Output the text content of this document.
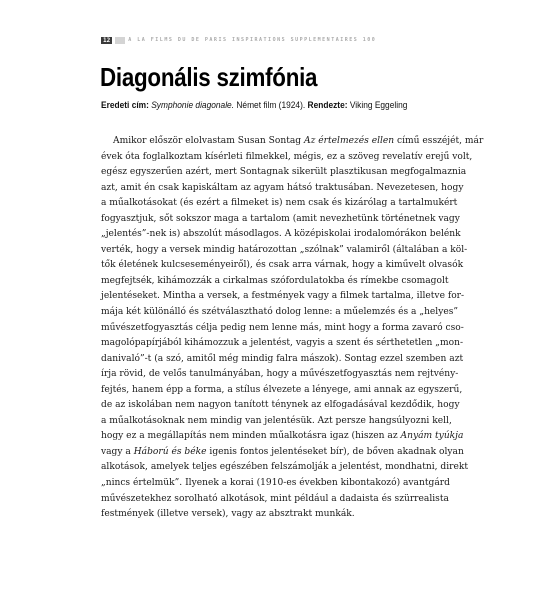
12	A LA FILMS DU DE PARIS INSPIRATIONS SUPPLEMENTAIRES 100
Diagonális szimfónia
Eredeti cím: Symphonie diagonale. Német film (1924). Rendezte: Viking Eggeling
Amikor először elolvastam Susan Sontag Az értelmezés ellen című esszéjét, már
évek óta foglalkoztam kísérleti filmekkel, mégis, ez a szöveg revelatív erejű volt,
egész egyszerűen azért, mert Sontagnak sikerült plasztikusan megfogalmaznia
azt, amit én csak kapiskáltam az agyam hátsó traktusában. Nevezetesen, hogy
a műalkotásokat (és ezért a filmeket is) nem csak és kizárólag a tartalmukért
fogyasztjuk, sőt sokszor maga a tartalom (amit nevezhetünk történetnek vagy
„jelentés”-nek is) abszolút másodlagos. A középiskolai irodalomórákon belénk
verték, hogy a versek mindig határozottan „szólnak” valamiről (általában a köl-
tők életének kulcseseményeiről), és csak arra várnak, hogy a kiművelt olvasók
megfejtsék, kihámozzák a cirkalmas szófordulatokba és rímekbe csomagolt
jelentéseket. Mintha a versek, a festmények vagy a filmek tartalma, illetve for-
mája két különálló és szétválasztható dolog lenne: a műelemzés és a „helyes”
művészetfogyasztás célja pedig nem lenne más, mint hogy a forma zavaró cso-
magolópapírjából kihámozzuk a jelentést, vagyis a szent és sérthetetlen „mon-
danivaló”-t (a szó, amitől még mindig falra mászok). Sontag ezzel szemben azt
írja rövid, de velős tanulmányában, hogy a művészetfogyasztás nem rejtvény-
fejtés, hanem épp a forma, a stílus élvezete a lényege, ami annak az egyszerű,
de az iskolában nem nagyon tanított ténynek az elfogadásával kezdődik, hogy
a műalkotásoknak nem mindig van jelentésük. Azt persze hangsúlyozni kell,
hogy ez a megállapítás nem minden műalkotásra igaz (hiszen az Anyám tyúkja
vagy a Háború és béke igenis fontos jelentéseket bír), de bőven akadnak olyan
alkotások, amelyek teljes egészében felszámolják a jelentést, mondhatni, direkt
„nincs értelmük”. Ilyenek a korai (1910-es években kibontakozó) avantgárd
művészetekhez sorolható alkotások, mint például a dadaista és szürrealista
festmények (illetve versek), vagy az absztrakt munkák.
